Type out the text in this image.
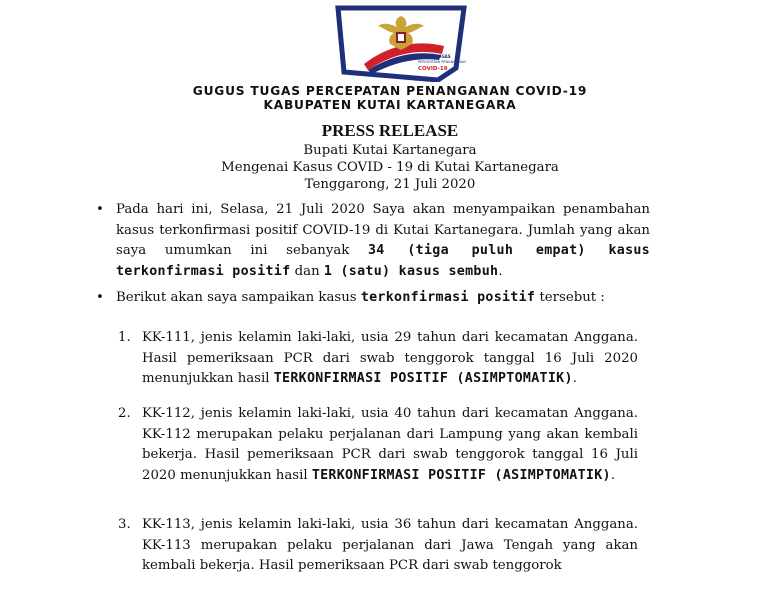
GUGUS TUGAS
PERCEPATAN PENANGANAN
COVID-19
GUGUS TUGAS PERCEPATAN PENANGANAN COVID-19
KABUPATEN KUTAI KARTANEGARA
PRESS RELEASE
Bupati Kutai Kartanegara
Mengenai Kasus COVID - 19 di Kutai Kartanegara
Tenggarong, 21 Juli 2020
• Pada hari ini, Selasa, 21 Juli 2020 Saya akan menyampaikan penambahan kasus terkonfirmasi positif COVID-19 di Kutai Kartanegara. Jumlah yang akan saya umumkan ini sebanyak 34 (tiga puluh empat) kasus terkonfirmasi positif dan 1 (satu) kasus sembuh.
• Berikut akan saya sampaikan kasus terkonfirmasi positif tersebut :
1. KK-111, jenis kelamin laki-laki, usia 29 tahun dari kecamatan Anggana. Hasil pemeriksaan PCR dari swab tenggorok tanggal 16 Juli 2020 menunjukkan hasil TERKONFIRMASI POSITIF (ASIMPTOMATIK).
2. KK-112, jenis kelamin laki-laki, usia 40 tahun dari kecamatan Anggana. KK-112 merupakan pelaku perjalanan dari Lampung yang akan kembali bekerja. Hasil pemeriksaan PCR dari swab tenggorok tanggal 16 Juli 2020 menunjukkan hasil TERKONFIRMASI POSITIF (ASIMPTOMATIK).
3. KK-113, jenis kelamin laki-laki, usia 36 tahun dari kecamatan Anggana. KK-113 merupakan pelaku perjalanan dari Jawa Tengah yang akan kembali bekerja. Hasil pemeriksaan PCR dari swab tenggorok
